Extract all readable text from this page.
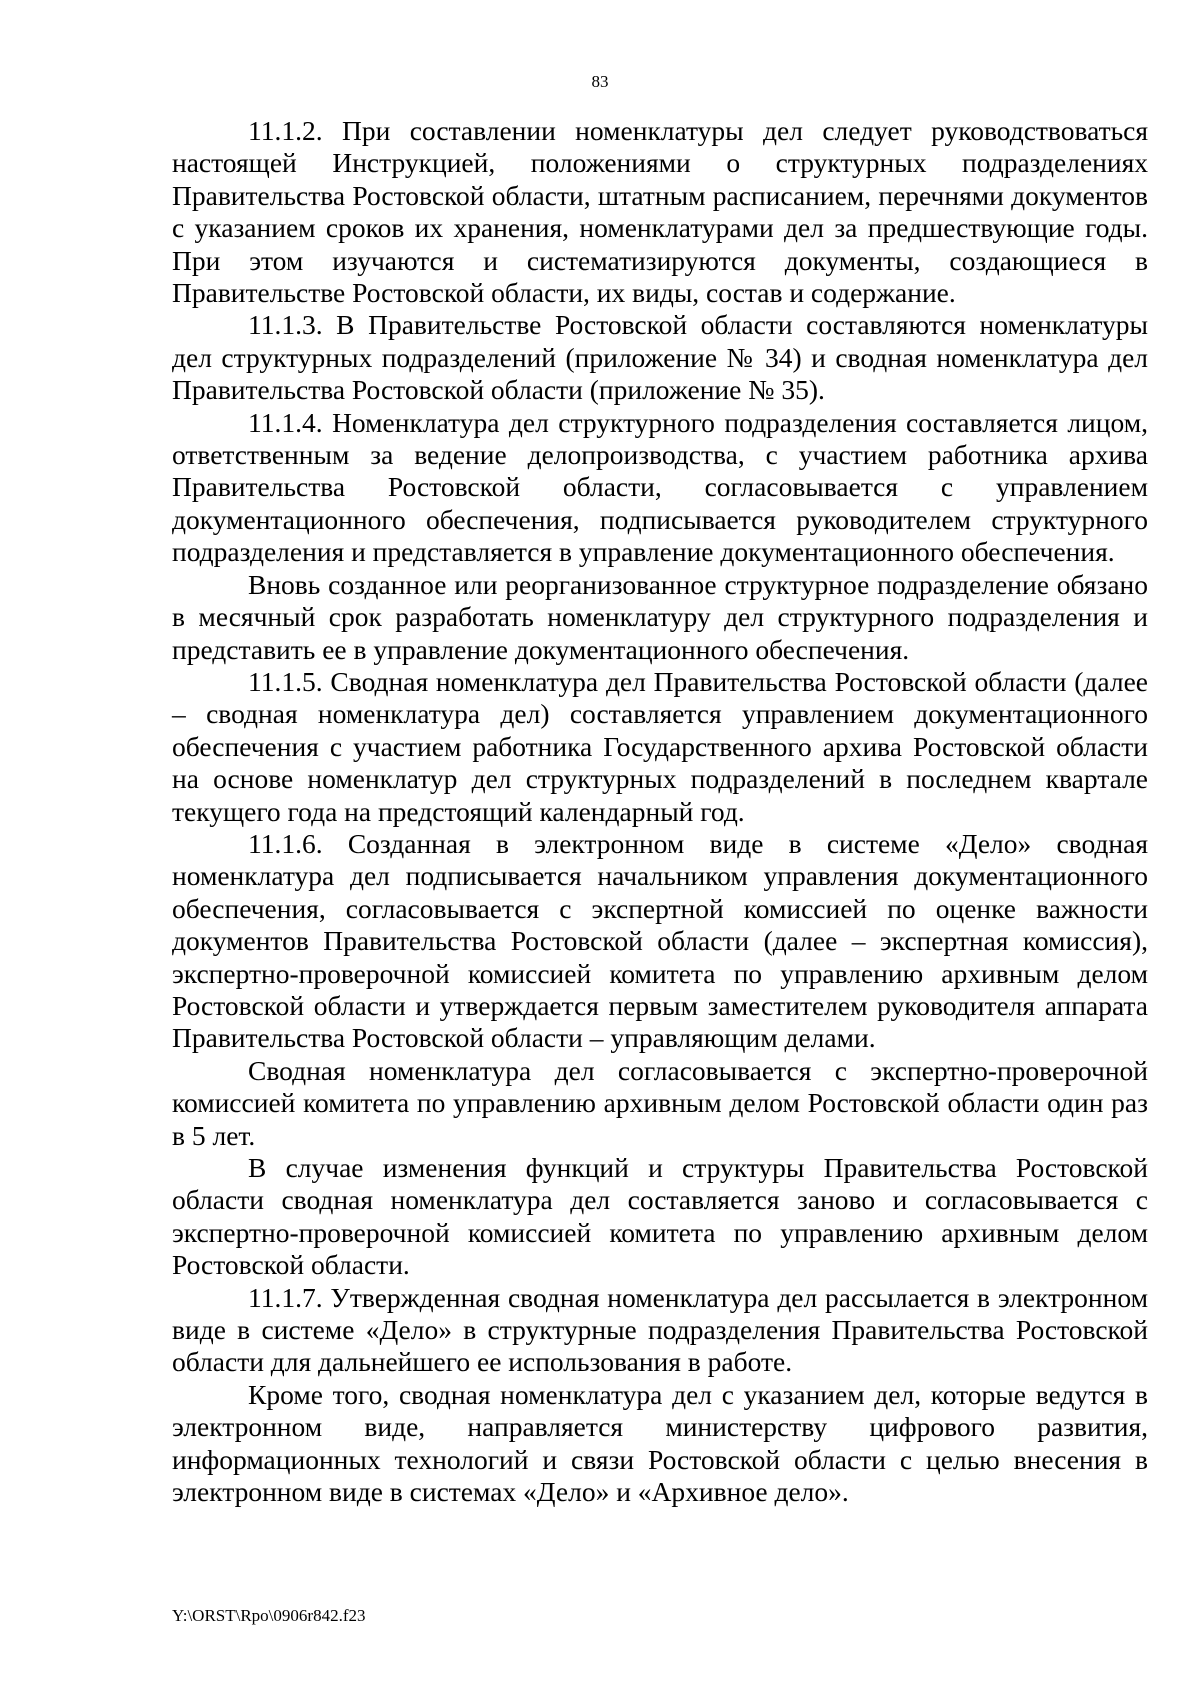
83

11.1.2. При составлении номенклатуры дел следует руководствоваться настоящей Инструкцией, положениями о структурных подразделениях Правительства Ростовской области, штатным расписанием, перечнями документов с указанием сроков их хранения, номенклатурами дел за предшествующие годы. При этом изучаются и систематизируются документы, создающиеся в Правительстве Ростовской области, их виды, состав и содержание.

11.1.3. В Правительстве Ростовской области составляются номенклатуры дел структурных подразделений (приложение № 34) и сводная номенклатура дел Правительства Ростовской области (приложение № 35).

11.1.4. Номенклатура дел структурного подразделения составляется лицом, ответственным за ведение делопроизводства, с участием работника архива Правительства Ростовской области, согласовывается с управлением документационного обеспечения, подписывается руководителем структурного подразделения и представляется в управление документационного обеспечения.

Вновь созданное или реорганизованное структурное подразделение обязано в месячный срок разработать номенклатуру дел структурного подразделения и представить ее в управление документационного обеспечения.

11.1.5. Сводная номенклатура дел Правительства Ростовской области (далее – сводная номенклатура дел) составляется управлением документационного обеспечения с участием работника Государственного архива Ростовской области на основе номенклатур дел структурных подразделений в последнем квартале текущего года на предстоящий календарный год.

11.1.6. Созданная в электронном виде в системе «Дело» сводная номенклатура дел подписывается начальником управления документационного обеспечения, согласовывается с экспертной комиссией по оценке важности документов Правительства Ростовской области (далее – экспертная комиссия), экспертно-проверочной комиссией комитета по управлению архивным делом Ростовской области и утверждается первым заместителем руководителя аппарата Правительства Ростовской области – управляющим делами.

Сводная номенклатура дел согласовывается с экспертно-проверочной комиссией комитета по управлению архивным делом Ростовской области один раз в 5 лет.

В случае изменения функций и структуры Правительства Ростовской области сводная номенклатура дел составляется заново и согласовывается с экспертно-проверочной комиссией комитета по управлению архивным делом Ростовской области.

11.1.7. Утвержденная сводная номенклатура дел рассылается в электронном виде в системе «Дело» в структурные подразделения Правительства Ростовской области для дальнейшего ее использования в работе.

Кроме того, сводная номенклатура дел с указанием дел, которые ведутся в электронном виде, направляется министерству цифрового развития, информационных технологий и связи Ростовской области с целью внесения в электронном виде в системах «Дело» и «Архивное дело».

Y:\ORST\Rpo\0906r842.f23
